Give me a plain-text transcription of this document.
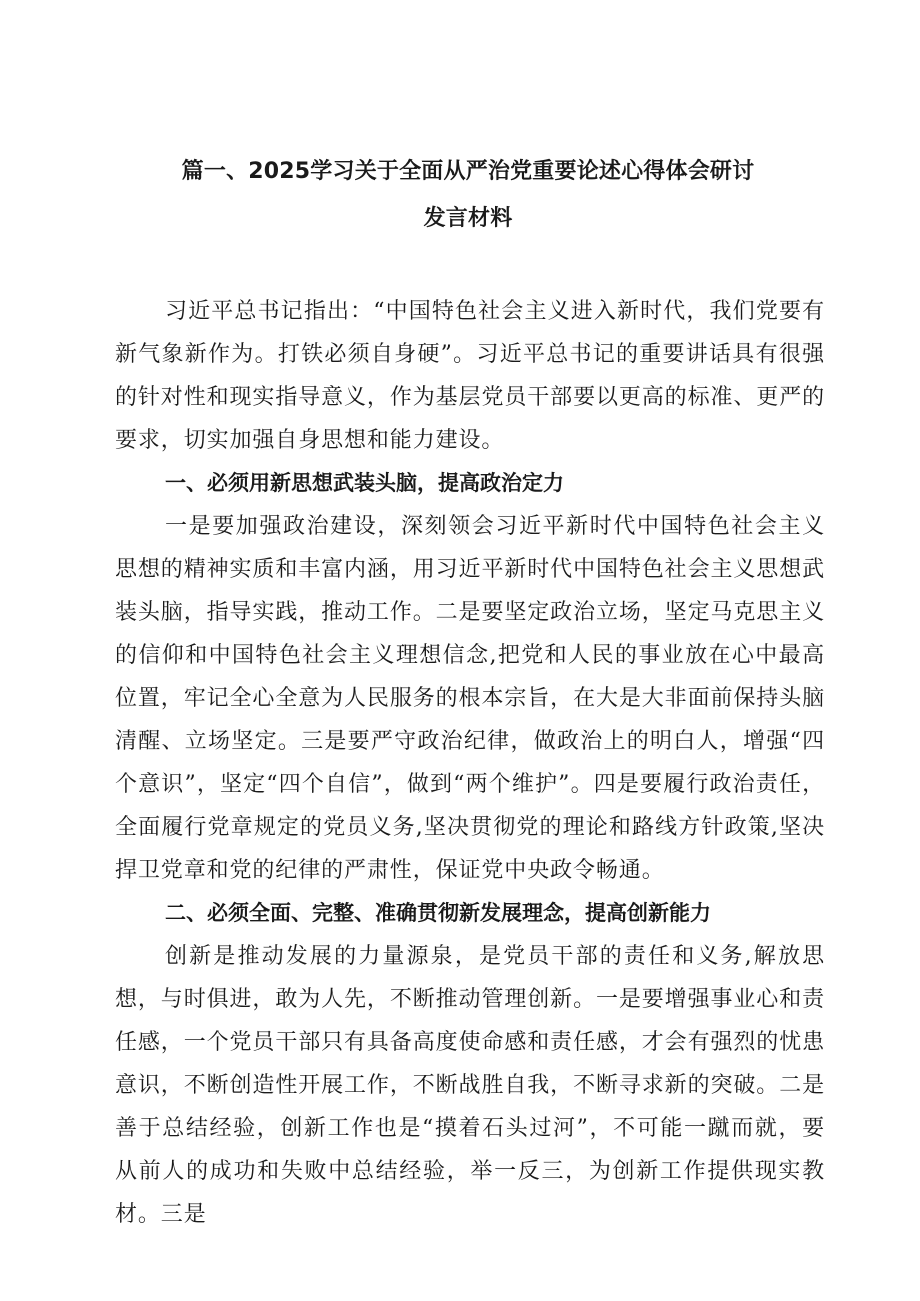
篇一、2025学习关于全面从严治党重要论述心得体会研讨
发言材料

习近平总书记指出：“中国特色社会主义进入新时代，我们党要有新气象新作为。打铁必须自身硬”。习近平总书记的重要讲话具有很强的针对性和现实指导意义，作为基层党员干部要以更高的标准、更严的要求，切实加强自身思想和能力建设。

一、必须用新思想武装头脑，提高政治定力

一是要加强政治建设，深刻领会习近平新时代中国特色社会主义思想的精神实质和丰富内涵，用习近平新时代中国特色社会主义思想武装头脑，指导实践，推动工作。二是要坚定政治立场，坚定马克思主义的信仰和中国特色社会主义理想信念,把党和人民的事业放在心中最高位置，牢记全心全意为人民服务的根本宗旨，在大是大非面前保持头脑清醒、立场坚定。三是要严守政治纪律，做政治上的明白人，增强“四个意识”，坚定“四个自信”，做到“两个维护”。四是要履行政治责任，全面履行党章规定的党员义务,坚决贯彻党的理论和路线方针政策,坚决捍卫党章和党的纪律的严肃性，保证党中央政令畅通。

二、必须全面、完整、准确贯彻新发展理念，提高创新能力

创新是推动发展的力量源泉，是党员干部的责任和义务,解放思想，与时俱进，敢为人先，不断推动管理创新。一是要增强事业心和责任感，一个党员干部只有具备高度使命感和责任感，才会有强烈的忧患意识，不断创造性开展工作，不断战胜自我，不断寻求新的突破。二是善于总结经验，创新工作也是“摸着石头过河”，不可能一蹴而就，要从前人的成功和失败中总结经验，举一反三，为创新工作提供现实教材。三是
